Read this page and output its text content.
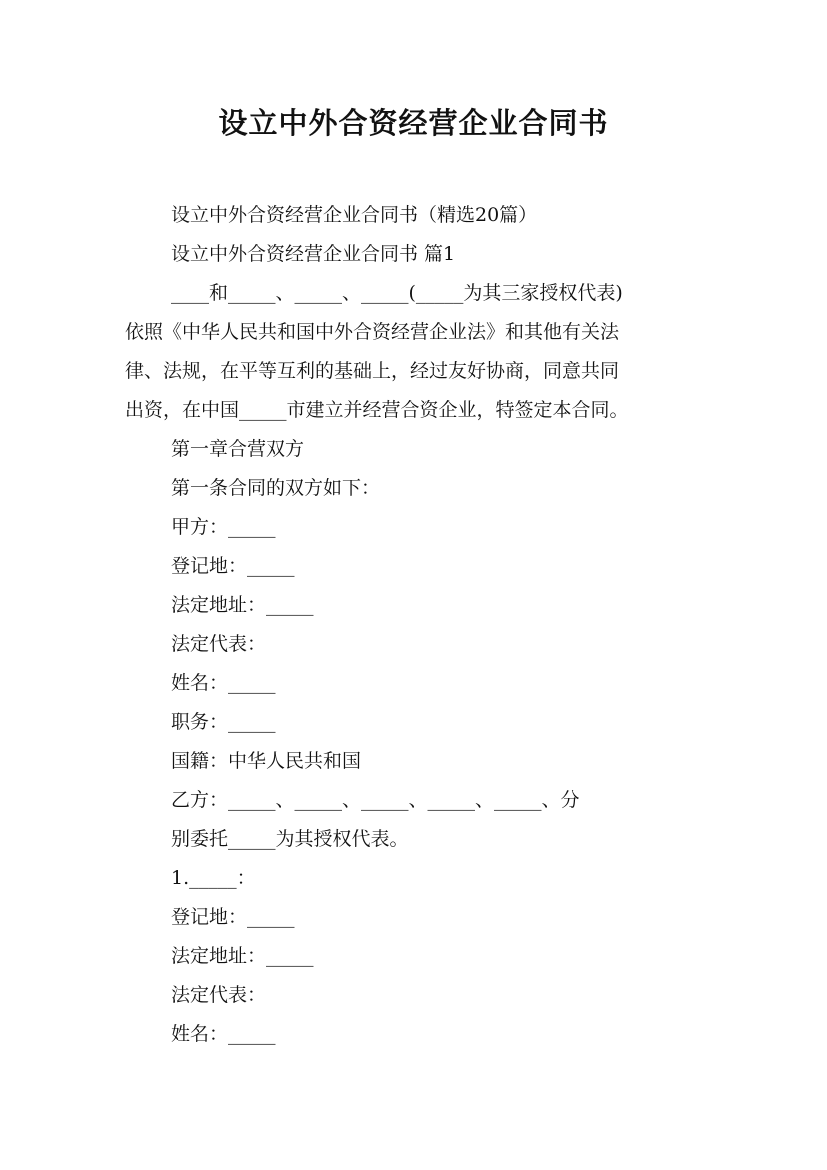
设立中外合资经营企业合同书
设立中外合资经营企业合同书（精选20篇）
设立中外合资经营企业合同书 篇1
____和_____、_____、_____(_____为其三家授权代表)
依照《中华人民共和国中外合资经营企业法》和其他有关法
律、法规，在平等互利的基础上，经过友好协商，同意共同
出资，在中国_____市建立并经营合资企业，特签定本合同。
第一章合营双方
第一条合同的双方如下：
甲方：_____
登记地：_____
法定地址：_____
法定代表：
姓名：_____
职务：_____
国籍：中华人民共和国
乙方：_____、_____、_____、_____、_____、分
别委托_____为其授权代表。
1._____：
登记地：_____
法定地址：_____
法定代表：
姓名：_____
